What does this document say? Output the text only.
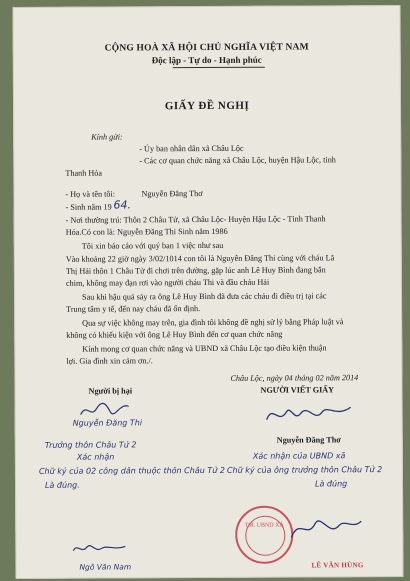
CỘNG HOÀ XÃ HỘI CHỦ NGHĨA VIỆT NAM
Độc lập - Tự do - Hạnh phúc
GIẤY ĐỀ NGHỊ
Kính gửi:
- Ủy ban nhân dân xã Châu Lộc
- Các cơ quan chức năng xã Châu Lộc, huyện Hậu Lộc, tỉnh
Thanh Hóa
- Họ và tên tôi:	Nguyễn Đăng Thơ
- Sinh năm 19 64.
- Nơi thường trú: Thôn 2 Châu Tử, xã Châu Lộc- Huyện Hậu Lộc - Tỉnh Thanh
Hóa.Có con là: Nguyễn Đăng Thi Sinh năm 1986
Tôi xin báo cáo với quý ban 1 việc như sau
Vào khoảng 22 giờ ngày 3/02/1014 con tôi là Nguyễn Đăng Thi cùng với cháu Lã
Thị Hải thôn 1 Châu Tử đi chơi trên đường, gặp lúc anh Lê Huy Bình đang bắn
chim, không may đạn rơi vào người cháu Thi và đầu cháu Hải
Sau khi hậu quả sảy ra ông Lê Huy Bình đã đưa các cháu đi điều trị tại các
Trung tâm y tế, đến nay cháu đã ổn định.
Qua sự việc không may trên, gia đình tôi không đề nghị sử lý bằng Pháp luật và
không có khiếu kiện với ông Lê Huy Bình đến cơ quan chức năng
Kính mong cơ quan chức năng và UBND xã Châu Lộc tạo điều kiện thuận
lợi. Gia đình xin cảm ơn./.
Châu Lộc, ngày 04 tháng 02 năm 2014
Người bị hại	NGƯỜI VIẾT GIẤY
Nguyễn Đăng Thi
Trưởng thôn Châu Tử 2
Xác nhận
Chữ ký của 02 công dân thuộc thôn Châu Tử 2
Là đúng.
Ngô Văn Nam
Nguyễn Đăng Thơ
Xác nhận của UBND xã
Chữ ký của ông trưởng thôn Châu Tử 2
Là đúng
TM. UBND XÃ
LÊ VĂN HÙNG
